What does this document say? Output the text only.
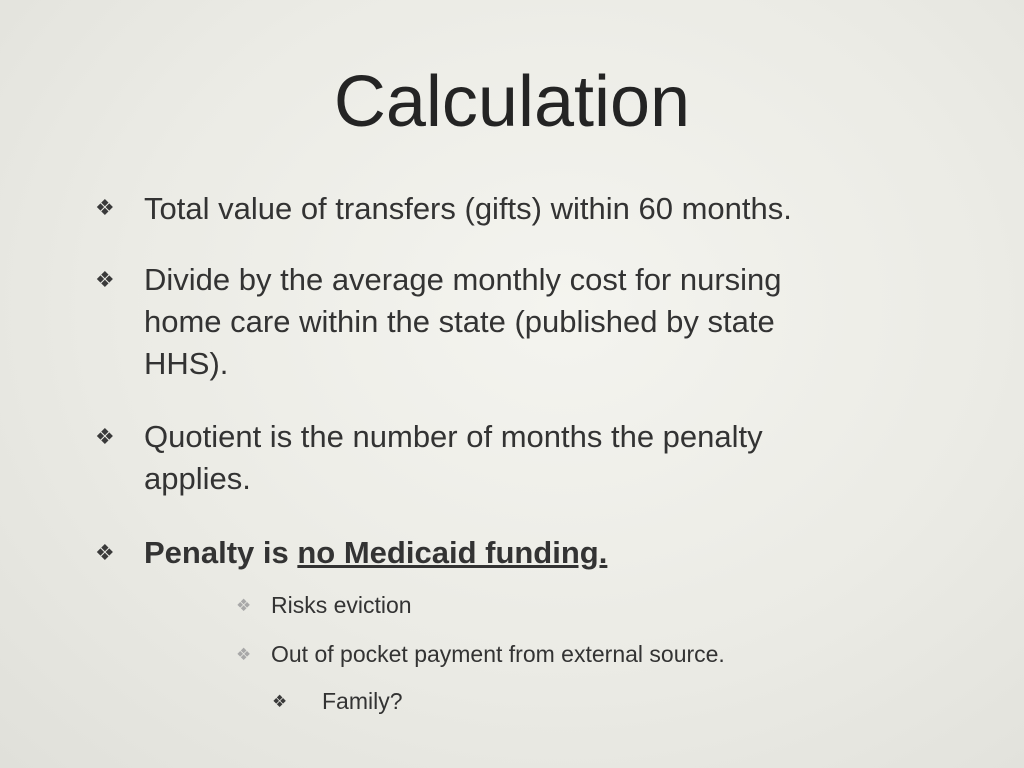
Calculation
❖ Total value of transfers (gifts) within 60 months.
❖ Divide by the average monthly cost for nursing home care within the state (published by state HHS).
❖ Quotient is the number of months the penalty applies.
❖ Penalty is no Medicaid funding.
❖ Risks eviction
❖ Out of pocket payment from external source.
❖ Family?
